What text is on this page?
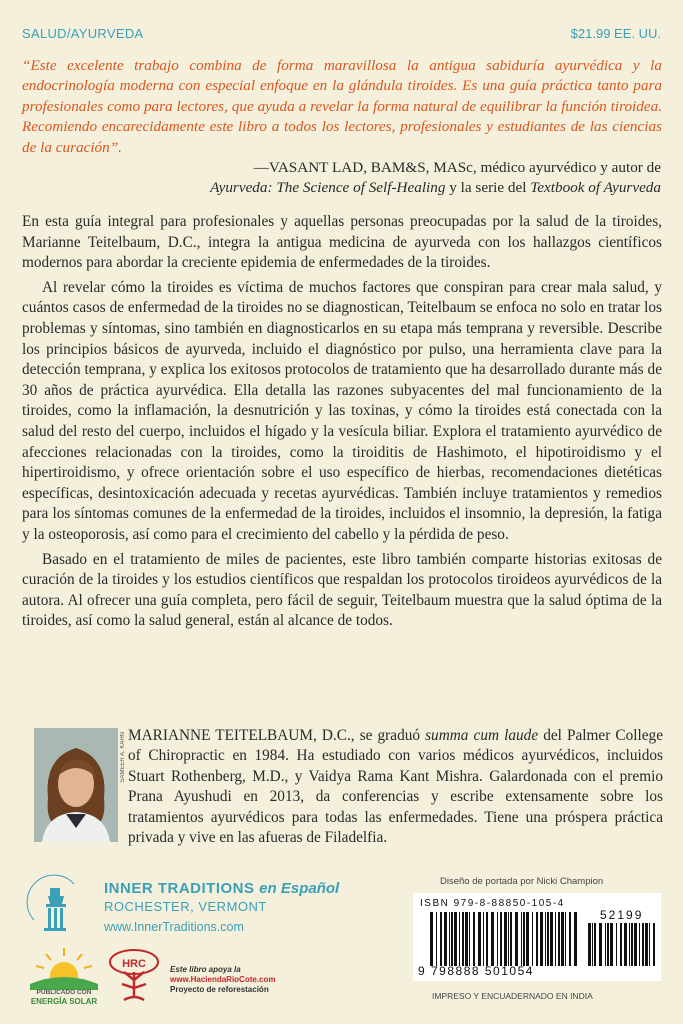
SALUD/AYURVEDA	$21.99 EE. UU.
“Este excelente trabajo combina de forma maravillosa la antigua sabiduría ayurvédica y la endocrinología moderna con especial enfoque en la glándula tiroides. Es una guía práctica tanto para profesionales como para lectores, que ayuda a revelar la forma natural de equilibrar la función tiroidea. Recomiendo encarecidamente este libro a todos los lectores, profesionales y estudiantes de las ciencias de la curación”.
—VASANT LAD, BAM&S, MASc, médico ayurvédico y autor de
Ayurveda: The Science of Self-Healing y la serie del Textbook of Ayurveda

En esta guía integral para profesionales y aquellas personas preocupadas por la salud de la tiroides, Marianne Teitelbaum, D.C., integra la antigua medicina de ayurveda con los hallazgos científicos modernos para abordar la creciente epidemia de enfermedades de la tiroides.

Al revelar cómo la tiroides es víctima de muchos factores que conspiran para crear mala salud, y cuántos casos de enfermedad de la tiroides no se diagnostican, Teitelbaum se enfoca no solo en tratar los problemas y síntomas, sino también en diagnosticarlos en su etapa más temprana y reversible. Describe los principios básicos de ayurveda, incluido el diagnóstico por pulso, una herramienta clave para la detección temprana, y explica los exitosos protocolos de tratamiento que ha desarrollado durante más de 30 años de práctica ayurvédica. Ella detalla las razones subyacentes del mal funcionamiento de la tiroides, como la inflamación, la desnutrición y las toxinas, y cómo la tiroides está conectada con la salud del resto del cuerpo, incluidos el hígado y la vesícula biliar. Explora el tratamiento ayurvédico de afecciones relacionadas con la tiroides, como la tiroiditis de Hashimoto, el hipotiroidismo y el hipertiroidismo, y ofrece orientación sobre el uso específico de hierbas, recomendaciones dietéticas específicas, desintoxicación adecuada y recetas ayurvédicas. También incluye tratamientos y remedios para los síntomas comunes de la enfermedad de la tiroides, incluidos el insomnio, la depresión, la fatiga y la osteoporosis, así como para el crecimiento del cabello y la pérdida de peso.

Basado en el tratamiento de miles de pacientes, este libro también comparte historias exitosas de curación de la tiroides y los estudios científicos que respaldan los protocolos tiroideos ayurvédicos de la autora. Al ofrecer una guía completa, pero fácil de seguir, Teitelbaum muestra que la salud óptima de la tiroides, así como la salud general, están al alcance de todos.

SAMEER A. KAHN MARIANNE TEITELBAUM, D.C., se graduó summa cum laude del Palmer College of Chiropractic en 1984. Ha estudiado con varios médicos ayurvédicos, incluidos Stuart Rothenberg, M.D., y Vaidya Rama Kant Mishra. Galardonada con el premio Prana Ayushudi en 2013, da conferencias y escribe extensamente sobre los tratamientos ayurvédicos para todas las enfermedades. Tiene una próspera práctica privada y vive en las afueras de Filadelfia.
INNER TRADITIONS en Español
ROCHESTER, VERMONT
www.InnerTraditions.com
PUBLICADO CON
ENERGÍA SOLAR
HRC	Este libro apoya la
www.HaciendaRioCote.com
Proyecto de reforestación
Diseño de portada por Nicki Champion
ISBN 979-8-88850-105-4
52199
9 798888 501054
IMPRESO Y ENCUADERNADO EN INDIA
